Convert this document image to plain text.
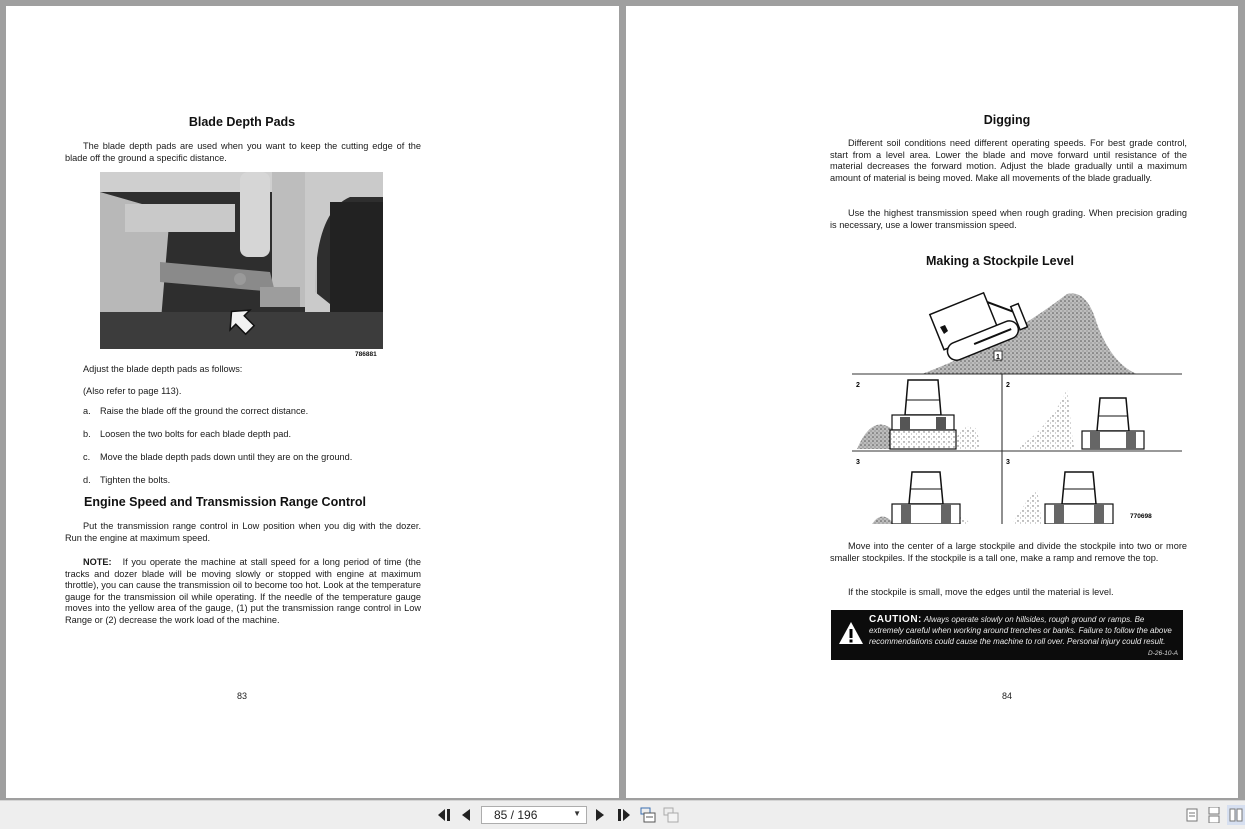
Blade Depth Pads
The blade depth pads are used when you want to keep the cutting edge of the blade off the ground a specific distance.
786881
Adjust the blade depth pads as follows:
(Also refer to page 113).
a. Raise the blade off the ground the correct distance.
b. Loosen the two bolts for each blade depth pad.
c. Move the blade depth pads down until they are on the ground.
d. Tighten the bolts.
Engine Speed and Transmission Range Control
Put the transmission range control in Low position when you dig with the dozer. Run the engine at maximum speed.
NOTE: If you operate the machine at stall speed for a long period of time (the tracks and dozer blade will be moving slowly or stopped with engine at maximum throttle), you can cause the transmission oil to become too hot. Look at the temperature gauge for the transmission oil while operating. If the needle of the temperature gauge moves into the yellow area of the gauge, (1) put the transmission range control in Low Range or (2) decrease the work load of the machine.
83
Digging
Different soil conditions need different operating speeds. For best grade control, start from a level area. Lower the blade and move forward until resistance of the material decreases the forward motion. Adjust the blade gradually until a maximum amount of material is being moved. Make all movements of the blade gradually.
Use the highest transmission speed when rough grading. When precision grading is necessary, use a lower transmission speed.
Making a Stockpile Level
1
2	2
3	3
770698
Move into the center of a large stockpile and divide the stockpile into two or more smaller stockpiles. If the stockpile is a tall one, make a ramp and remove the top.
If the stockpile is small, move the edges until the material is level.
CAUTION: Always operate slowly on hillsides, rough ground or ramps. Be extremely careful when working around trenches or banks. Failure to follow the above recommendations could cause the machine to roll over. Personal injury could result.
D-26-10-A
84
85 / 196	▼
